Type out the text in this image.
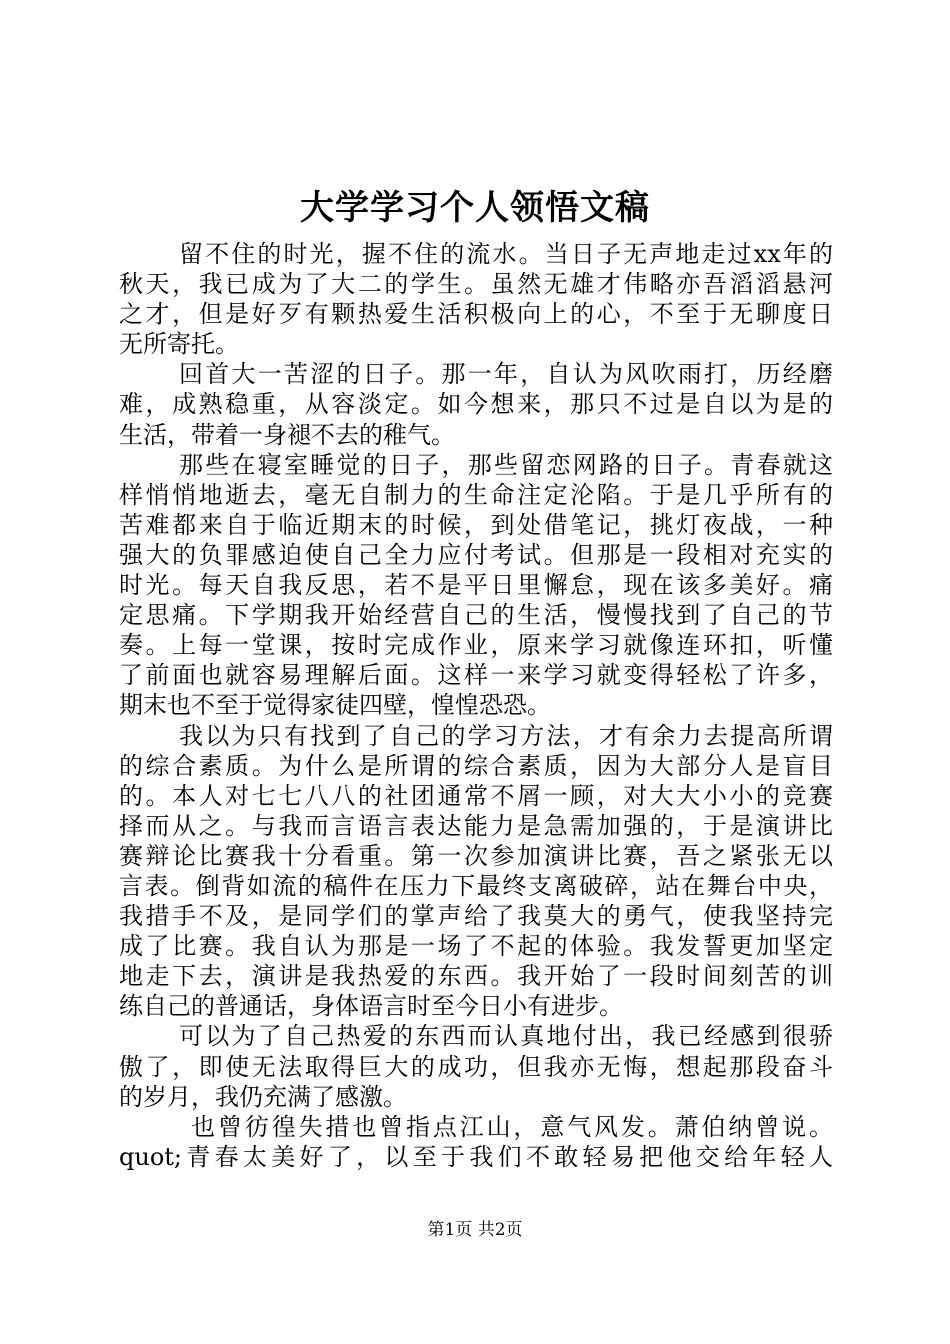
大学学习个人领悟文稿
留不住的时光，握不住的流水。当日子无声地走过xx年的
秋天，我已成为了大二的学生。虽然无雄才伟略亦吾滔滔悬河
之才，但是好歹有颗热爱生活积极向上的心，不至于无聊度日
无所寄托。
回首大一苦涩的日子。那一年，自认为风吹雨打，历经磨
难，成熟稳重，从容淡定。如今想来，那只不过是自以为是的
生活，带着一身褪不去的稚气。
那些在寝室睡觉的日子，那些留恋网路的日子。青春就这
样悄悄地逝去，毫无自制力的生命注定沦陷。于是几乎所有的
苦难都来自于临近期末的时候，到处借笔记，挑灯夜战，一种
强大的负罪感迫使自己全力应付考试。但那是一段相对充实的
时光。每天自我反思，若不是平日里懈怠，现在该多美好。痛
定思痛。下学期我开始经营自己的生活，慢慢找到了自己的节
奏。上每一堂课，按时完成作业，原来学习就像连环扣，听懂
了前面也就容易理解后面。这样一来学习就变得轻松了许多，
期末也不至于觉得家徒四壁，惶惶恐恐。
我以为只有找到了自己的学习方法，才有余力去提高所谓
的综合素质。为什么是所谓的综合素质，因为大部分人是盲目
的。本人对七七八八的社团通常不屑一顾，对大大小小的竞赛
择而从之。与我而言语言表达能力是急需加强的，于是演讲比
赛辩论比赛我十分看重。第一次参加演讲比赛，吾之紧张无以
言表。倒背如流的稿件在压力下最终支离破碎，站在舞台中央，
我措手不及，是同学们的掌声给了我莫大的勇气，使我坚持完
成了比赛。我自认为那是一场了不起的体验。我发誓更加坚定
地走下去，演讲是我热爱的东西。我开始了一段时间刻苦的训
练自己的普通话，身体语言时至今日小有进步。
可以为了自己热爱的东西而认真地付出，我已经感到很骄
傲了，即使无法取得巨大的成功，但我亦无悔，想起那段奋斗
的岁月，我仍充满了感激。
也曾彷徨失措也曾指点江山，意气风发。萧伯纳曾说。
quot;青春太美好了，以至于我们不敢轻易把他交给年轻人
第1页 共2页
